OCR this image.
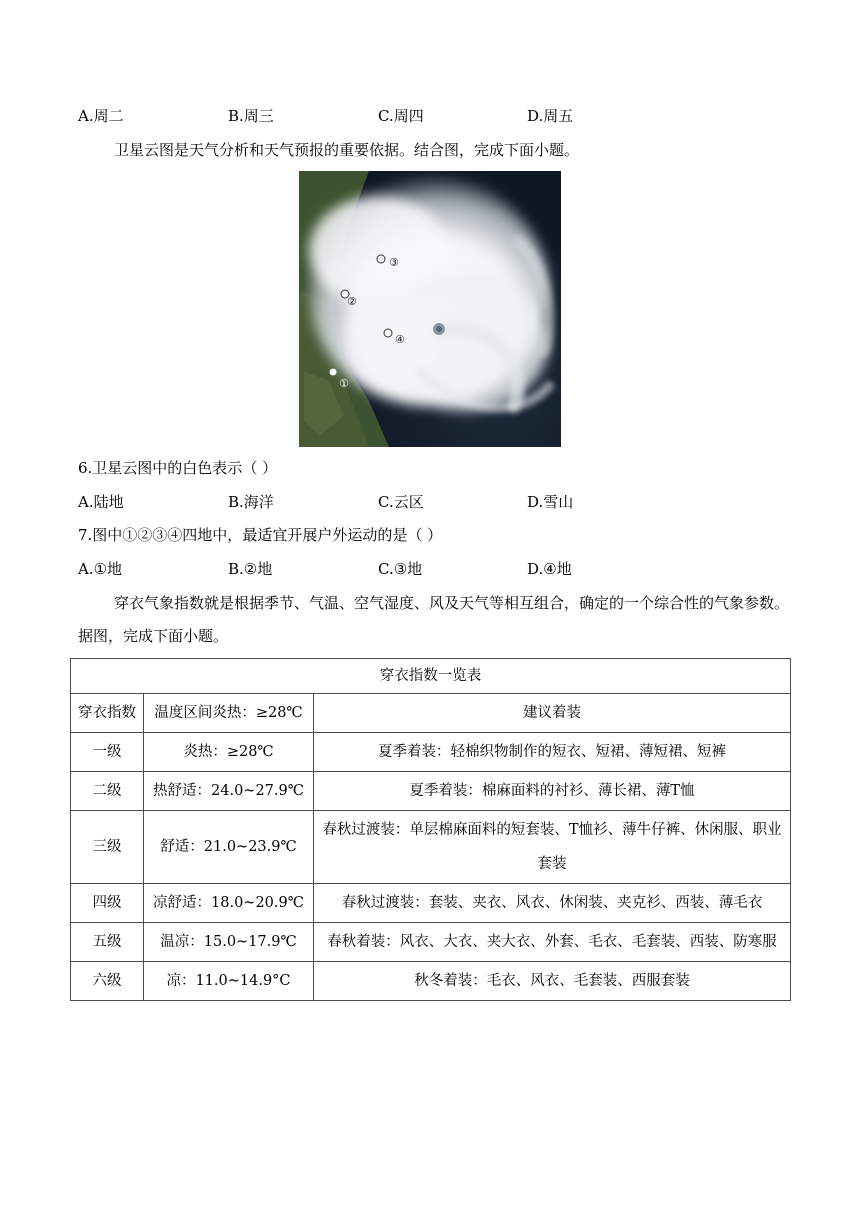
A.周二	B.周三	C.周四	D.周五
卫星云图是天气分析和天气预报的重要依据。结合图，完成下面小题。
③
②
④
①
6.卫星云图中的白色表示（ ）
A.陆地	B.海洋	C.云区	D.雪山
7.图中①②③④四地中，最适宜开展户外运动的是（ ）
A.①地	B.②地	C.③地	D.④地
穿衣气象指数就是根据季节、气温、空气湿度、风及天气等相互组合，确定的一个综合性的气象参数。据图，完成下面小题。
穿衣指数一览表		
穿衣指数	温度区间炎热：≥28℃	建议着装
一级	炎热：≥28℃	夏季着装：轻棉织物制作的短衣、短裙、薄短裙、短裤
二级	热舒适：24.0~27.9℃	夏季着装：棉麻面料的衬衫、薄长裙、薄T恤
三级	舒适：21.0~23.9℃	春秋过渡装：单层棉麻面料的短套装、T恤衫、薄牛仔裤、休闲服、职业套装
四级	凉舒适：18.0~20.9℃	春秋过渡装：套装、夹衣、风衣、休闲装、夹克衫、西装、薄毛衣
五级	温凉：15.0~17.9℃	春秋着装：风衣、大衣、夹大衣、外套、毛衣、毛套装、西装、防寒服
六级	凉：11.0~14.9°C	秋冬着装：毛衣、风衣、毛套装、西服套装
